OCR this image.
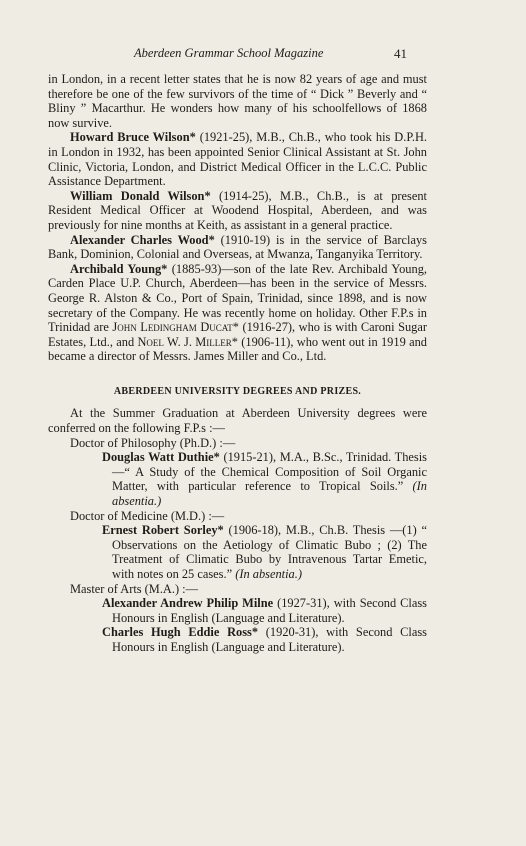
Aberdeen Grammar School Magazine	41

in London, in a recent letter states that he is now 82 years of age and must therefore be one of the few survivors of the time of “ Dick ” Beverly and “ Bliny ” Macarthur. He wonders how many of his schoolfellows of 1868 now survive.

Howard Bruce Wilson* (1921-25), M.B., Ch.B., who took his D.P.H. in London in 1932, has been appointed Senior Clinical Assistant at St. John Clinic, Victoria, London, and District Medical Officer in the L.C.C. Public Assistance Department.

William Donald Wilson* (1914-25), M.B., Ch.B., is at present Resident Medical Officer at Woodend Hospital, Aberdeen, and was previously for nine months at Keith, as assistant in a general practice.

Alexander Charles Wood* (1910-19) is in the service of Barclays Bank, Dominion, Colonial and Overseas, at Mwanza, Tanganyika Territory.

Archibald Young* (1885-93)—son of the late Rev. Archibald Young, Carden Place U.P. Church, Aberdeen—has been in the service of Messrs. George R. Alston & Co., Port of Spain, Trinidad, since 1898, and is now secretary of the Company. He was recently home on holiday. Other F.P.s in Trinidad are John Ledingham Ducat* (1916-27), who is with Caroni Sugar Estates, Ltd., and Noel W. J. Miller* (1906-11), who went out in 1919 and became a director of Messrs. James Miller and Co., Ltd.

ABERDEEN UNIVERSITY DEGREES AND PRIZES.

At the Summer Graduation at Aberdeen University degrees were conferred on the following F.P.s :—

Doctor of Philosophy (Ph.D.) :—

Douglas Watt Duthie* (1915-21), M.A., B.Sc., Trinidad. Thesis—“ A Study of the Chemical Composition of Soil Organic Matter, with particular reference to Tropical Soils.” (In absentia.)

Doctor of Medicine (M.D.) :—

Ernest Robert Sorley* (1906-18), M.B., Ch.B. Thesis —(1) “ Observations on the Aetiology of Climatic Bubo ; (2) The Treatment of Climatic Bubo by Intravenous Tartar Emetic, with notes on 25 cases.” (In absentia.)

Master of Arts (M.A.) :—

Alexander Andrew Philip Milne (1927-31), with Second Class Honours in English (Language and Literature).

Charles Hugh Eddie Ross* (1920-31), with Second Class Honours in English (Language and Literature).
